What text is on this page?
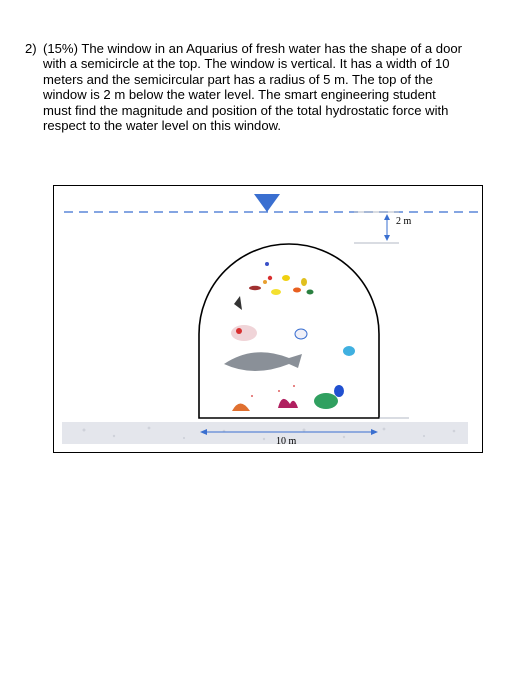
2) (15%) The window in an Aquarius of fresh water has the shape of a door with a semicircle at the top. The window is vertical. It has a width of 10 meters and the semicircular part has a radius of 5 m. The top of the window is 2 m below the water level. The smart engineering student must find the magnitude and position of the total hydrostatic force with respect to the water level on this window.
2 m
10 m
